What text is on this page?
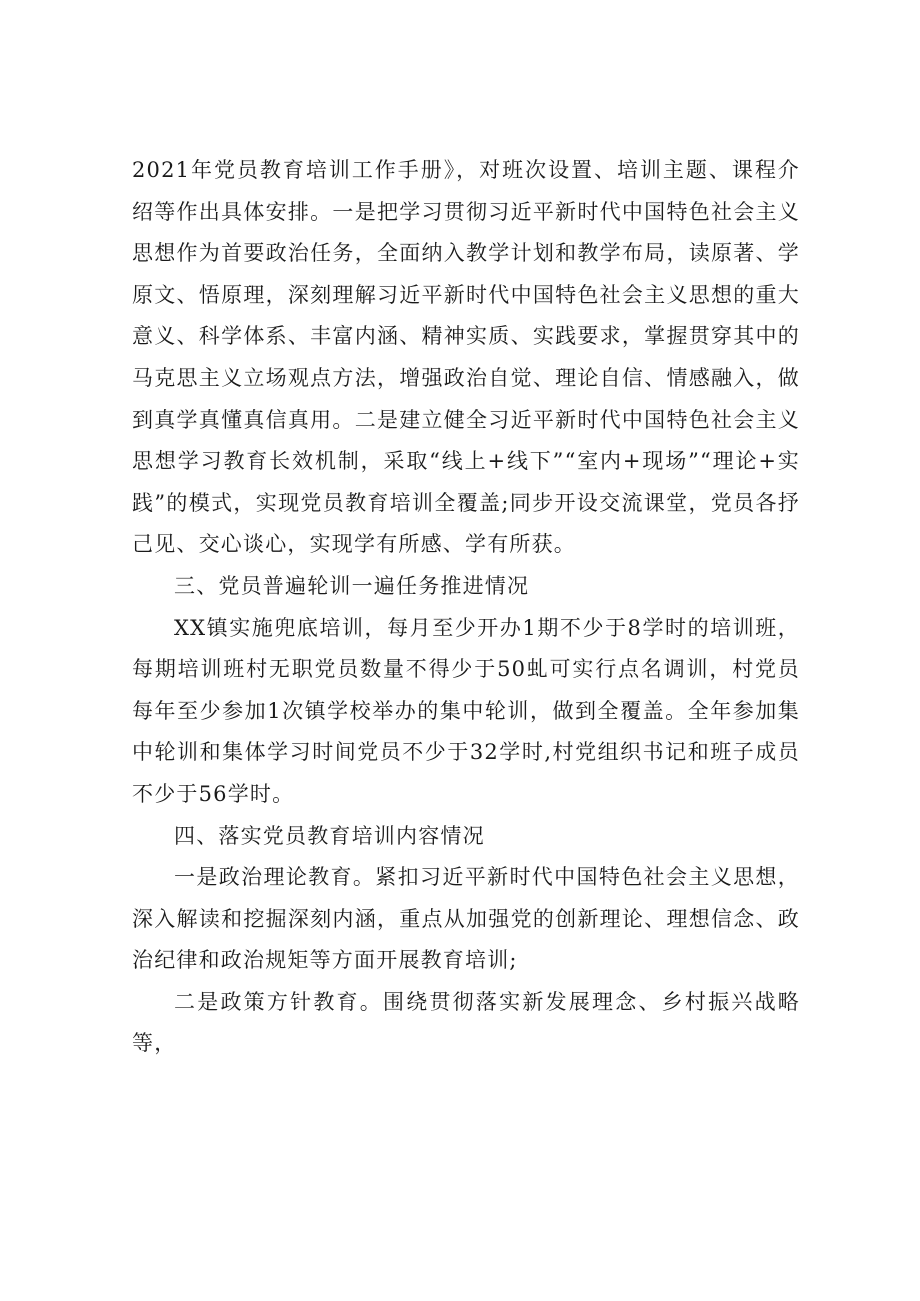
2021年党员教育培训工作手册》，对班次设置、培训主题、课程介绍等作出具体安排。一是把学习贯彻习近平新时代中国特色社会主义思想作为首要政治任务，全面纳入教学计划和教学布局，读原著、学原文、悟原理，深刻理解习近平新时代中国特色社会主义思想的重大意义、科学体系、丰富内涵、精神实质、实践要求，掌握贯穿其中的马克思主义立场观点方法，增强政治自觉、理论自信、情感融入，做到真学真懂真信真用。二是建立健全习近平新时代中国特色社会主义思想学习教育长效机制，采取“线上+线下”“室内+现场”“理论+实践”的模式，实现党员教育培训全覆盖;同步开设交流课堂，党员各抒己见、交心谈心，实现学有所感、学有所获。

三、党员普遍轮训一遍任务推进情况

XX镇实施兜底培训，每月至少开办1期不少于8学时的培训班，每期培训班村无职党员数量不得少于50虬可实行点名调训，村党员每年至少参加1次镇学校举办的集中轮训，做到全覆盖。全年参加集中轮训和集体学习时间党员不少于32学时,村党组织书记和班子成员不少于56学时。

四、落实党员教育培训内容情况

一是政治理论教育。紧扣习近平新时代中国特色社会主义思想，深入解读和挖掘深刻内涵，重点从加强党的创新理论、理想信念、政治纪律和政治规矩等方面开展教育培训;

二是政策方针教育。围绕贯彻落实新发展理念、乡村振兴战略等，
